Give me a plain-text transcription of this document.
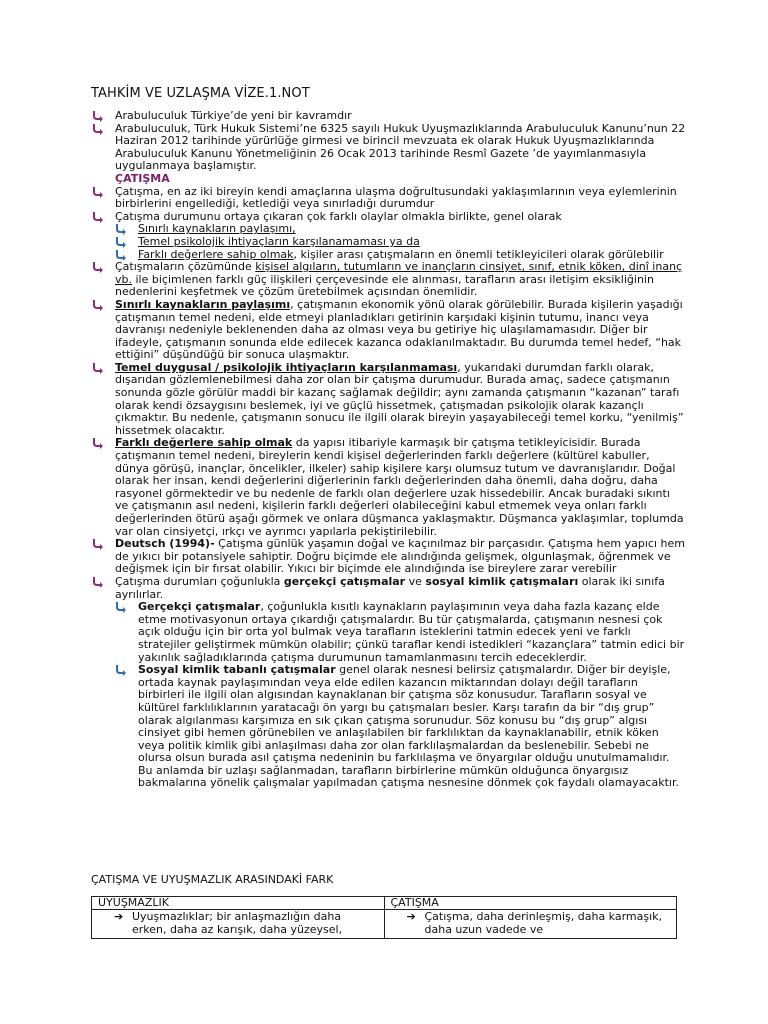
TAHKİM VE UZLAŞMA VİZE.1.NOT
Arabuluculuk Türkiye’de yeni bir kavramdır
Arabuluculuk, Türk Hukuk Sistemi’ne 6325 sayılı Hukuk Uyuşmazlıklarında Arabuluculuk Kanunu’nun 22 Haziran 2012 tarihinde yürürlüğe girmesi ve birincil mevzuata ek olarak Hukuk Uyuşmazlıklarında Arabuluculuk Kanunu Yönetmeliğinin 26 Ocak 2013 tarihinde Resmî Gazete ’de yayımlanmasıyla uygulanmaya başlamıştır.
ÇATIŞMA
Çatışma, en az iki bireyin kendi amaçlarına ulaşma doğrultusundaki yaklaşımlarının veya eylemlerinin birbirlerini engellediği, ketlediği veya sınırladığı durumdur
Çatışma durumunu ortaya çıkaran çok farklı olaylar olmakla birlikte, genel olarak
Sınırlı kaynakların paylaşımı,
Temel psikolojik ihtiyaçların karşılanamaması ya da
Farklı değerlere sahip olmak, kişiler arası çatışmaların en önemli tetikleyicileri olarak görülebilir
Çatışmaların çözümünde kişisel algıların, tutumların ve inançların cinsiyet, sınıf, etnik köken, dinî inanç vb. ile biçimlenen farklı güç ilişkileri çerçevesinde ele alınması, tarafların arası iletişim eksikliğinin nedenlerini keşfetmek ve çözüm üretebilmek açısından önemlidir.
Sınırlı kaynakların paylaşımı, çatışmanın ekonomik yönü olarak görülebilir. Burada kişilerin yaşadığı çatışmanın temel nedeni, elde etmeyi planladıkları getirinin karşıdaki kişinin tutumu, inancı veya davranışı nedeniyle beklenenden daha az olması veya bu getiriye hiç ulaşılamamasıdır. Diğer bir ifadeyle, çatışmanın sonunda elde edilecek kazanca odaklanılmaktadır. Bu durumda temel hedef, “hak ettiğini” düşündüğü bir sonuca ulaşmaktır.
Temel duygusal / psikolojik ihtiyaçların karşılanmaması, yukarıdaki durumdan farklı olarak, dışarıdan gözlemlenebilmesi daha zor olan bir çatışma durumudur. Burada amaç, sadece çatışmanın sonunda gözle görülür maddi bir kazanç sağlamak değildir; aynı zamanda çatışmanın “kazanan” tarafı olarak kendi özsaygısını beslemek, iyi ve güçlü hissetmek, çatışmadan psikolojik olarak kazançlı çıkmaktır. Bu nedenle, çatışmanın sonucu ile ilgili olarak bireyin yaşayabileceği temel korku, “yenilmiş” hissetmek olacaktır.
Farklı değerlere sahip olmak da yapısı itibariyle karmaşık bir çatışma tetikleyicisidir. Burada çatışmanın temel nedeni, bireylerin kendi kişisel değerlerinden farklı değerlere (kültürel kabuller, dünya görüşü, inançlar, öncelikler, ilkeler) sahip kişilere karşı olumsuz tutum ve davranışlarıdır. Doğal olarak her insan, kendi değerlerini diğerlerinin farklı değerlerinden daha önemli, daha doğru, daha rasyonel görmektedir ve bu nedenle de farklı olan değerlere uzak hissedebilir. Ancak buradaki sıkıntı ve çatışmanın asıl nedeni, kişilerin farklı değerleri olabileceğini kabul etmemek veya onları farklı değerlerinden ötürü aşağı görmek ve onlara düşmanca yaklaşmaktır. Düşmanca yaklaşımlar, toplumda var olan cinsiyetçi, ırkçı ve ayrımcı yapılarla pekiştirilebilir.
Deutsch (1994)- Çatışma günlük yaşamın doğal ve kaçınılmaz bir parçasıdır. Çatışma hem yapıcı hem de yıkıcı bir potansiyele sahiptir. Doğru biçimde ele alındığında gelişmek, olgunlaşmak, öğrenmek ve değişmek için bir fırsat olabilir. Yıkıcı bir biçimde ele alındığında ise bireylere zarar verebilir
Çatışma durumları çoğunlukla gerçekçi çatışmalar ve sosyal kimlik çatışmaları olarak iki sınıfa ayrılırlar.
Gerçekçi çatışmalar, çoğunlukla kısıtlı kaynakların paylaşımının veya daha fazla kazanç elde etme motivasyonun ortaya çıkardığı çatışmalardır. Bu tür çatışmalarda, çatışmanın nesnesi çok açık olduğu için bir orta yol bulmak veya tarafların isteklerini tatmin edecek yeni ve farklı stratejiler geliştirmek mümkün olabilir; çünkü taraflar kendi istedikleri “kazançlara” tatmin edici bir yakınlık sağladıklarında çatışma durumunun tamamlanmasını tercih edeceklerdir.
Sosyal kimlik tabanlı çatışmalar genel olarak nesnesi belirsiz çatışmalardır. Diğer bir deyişle, ortada kaynak paylaşımından veya elde edilen kazancın miktarından dolayı değil tarafların birbirleri ile ilgili olan algısından kaynaklanan bir çatışma söz konusudur. Tarafların sosyal ve kültürel farklılıklarının yaratacağı ön yargı bu çatışmaları besler. Karşı tarafın da bir “dış grup” olarak algılanması karşımıza en sık çıkan çatışma sorunudur. Söz konusu bu “dış grup” algısı cinsiyet gibi hemen görünebilen ve anlaşılabilen bir farklılıktan da kaynaklanabilir, etnik köken veya politik kimlik gibi anlaşılması daha zor olan farklılaşmalardan da beslenebilir. Sebebi ne olursa olsun burada asıl çatışma nedeninin bu farklılaşma ve önyargılar olduğu unutulmamalıdır. Bu anlamda bir uzlaşı sağlanmadan, tarafların birbirlerine mümkün olduğunca önyargısız bakmalarına yönelik çalışmalar yapılmadan çatışma nesnesine dönmek çok faydalı olamayacaktır.
ÇATIŞMA VE UYUŞMAZLIK ARASINDAKİ FARK
UYUŞMAZLIK	ÇATIŞMA

➔ Uyuşmazlıklar; bir anlaşmazlığın daha erken, daha az karışık, daha yüzeysel,	➔ Çatışma, daha derinleşmiş, daha karmaşık, daha uzun vadede ve
